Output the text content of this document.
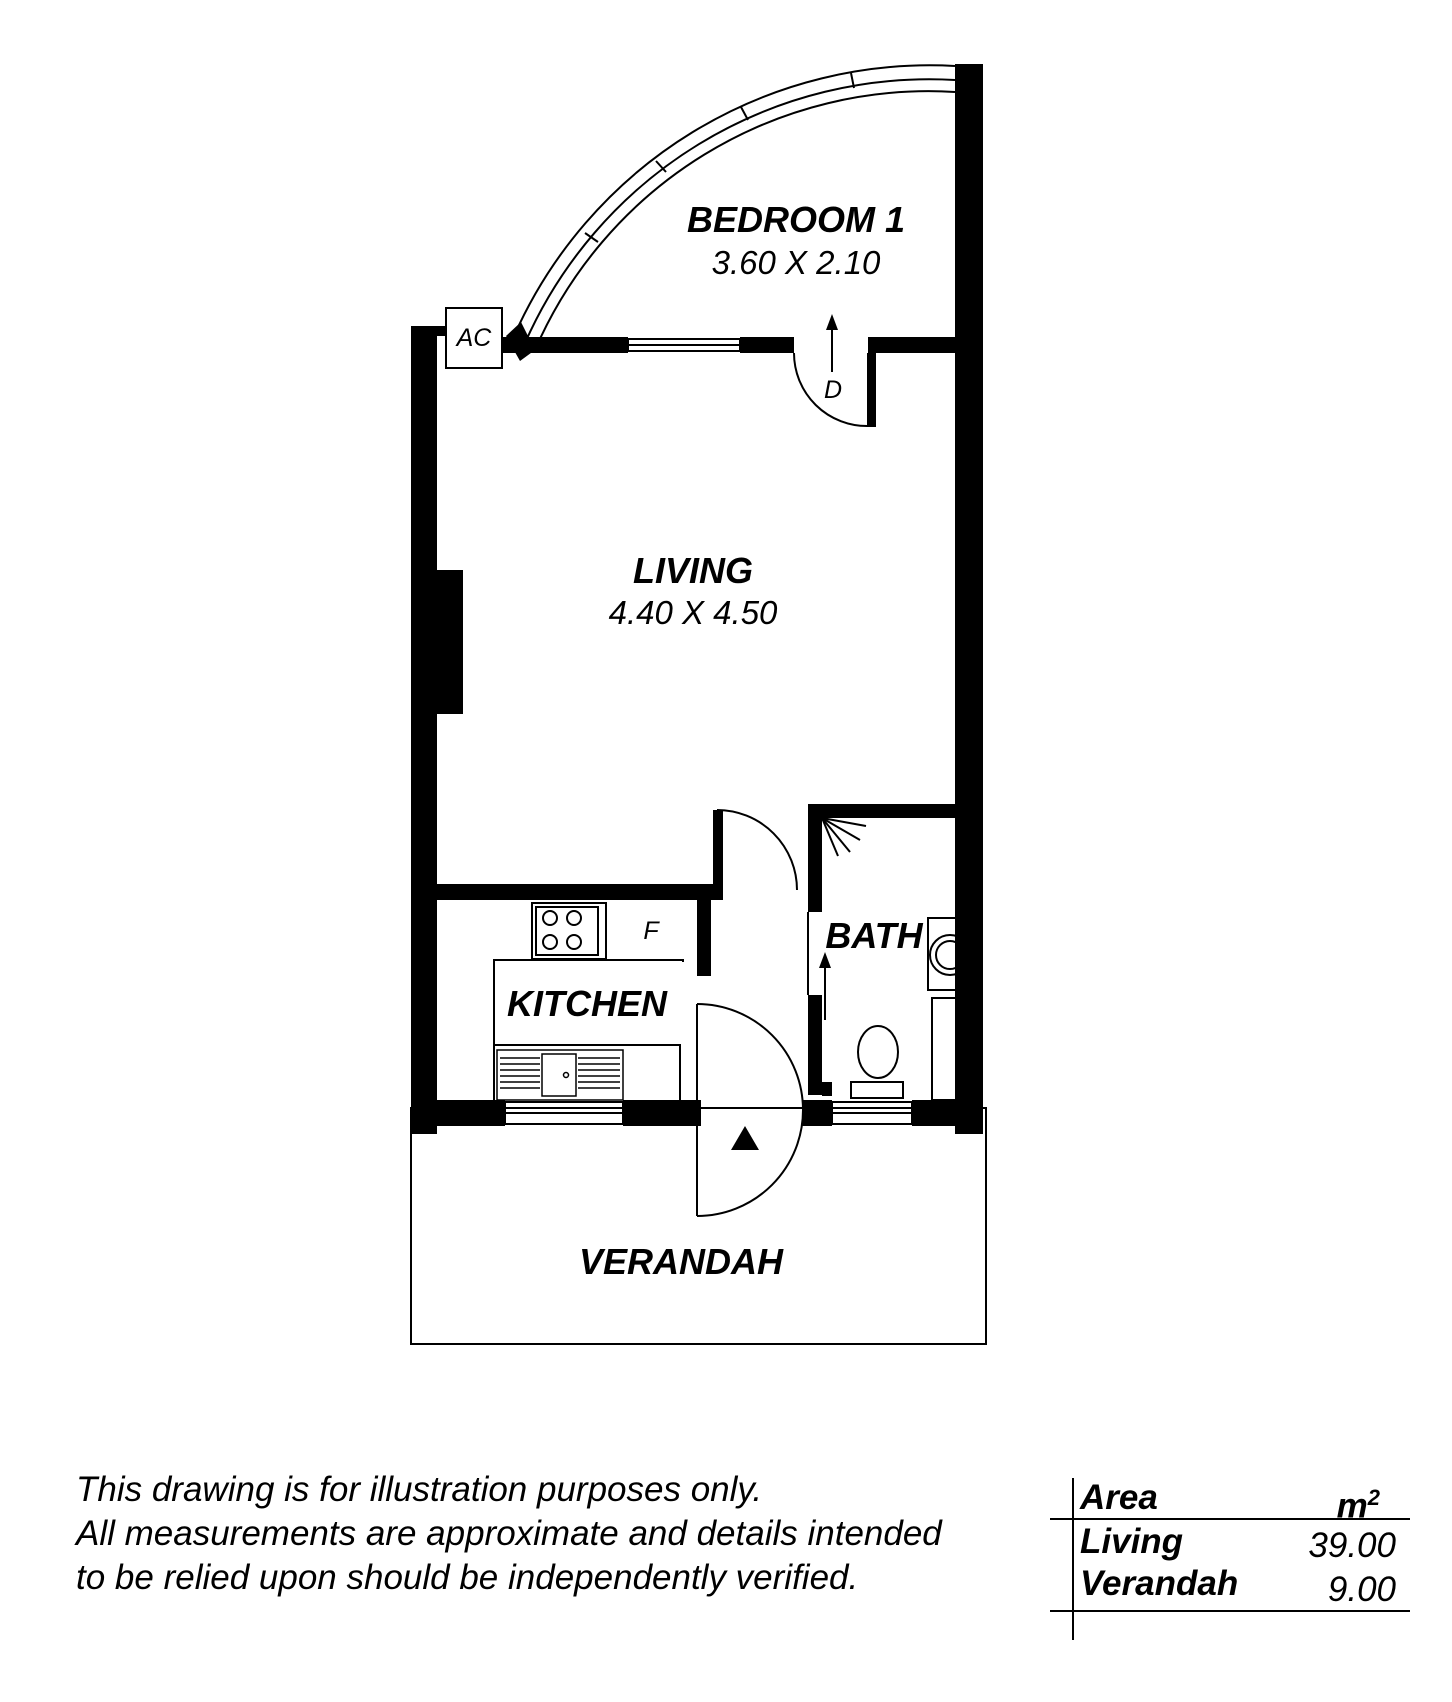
AC
D
F
BEDROOM 1
3.60 X 2.10
LIVING
4.40 X 4.50
KITCHEN
BATH
VERANDAH
This drawing is for illustration purposes only.
All measurements are approximate and details intended
to be relied upon should be independently verified.
Area	$m^2$
Living	39.00
Verandah	9.00
